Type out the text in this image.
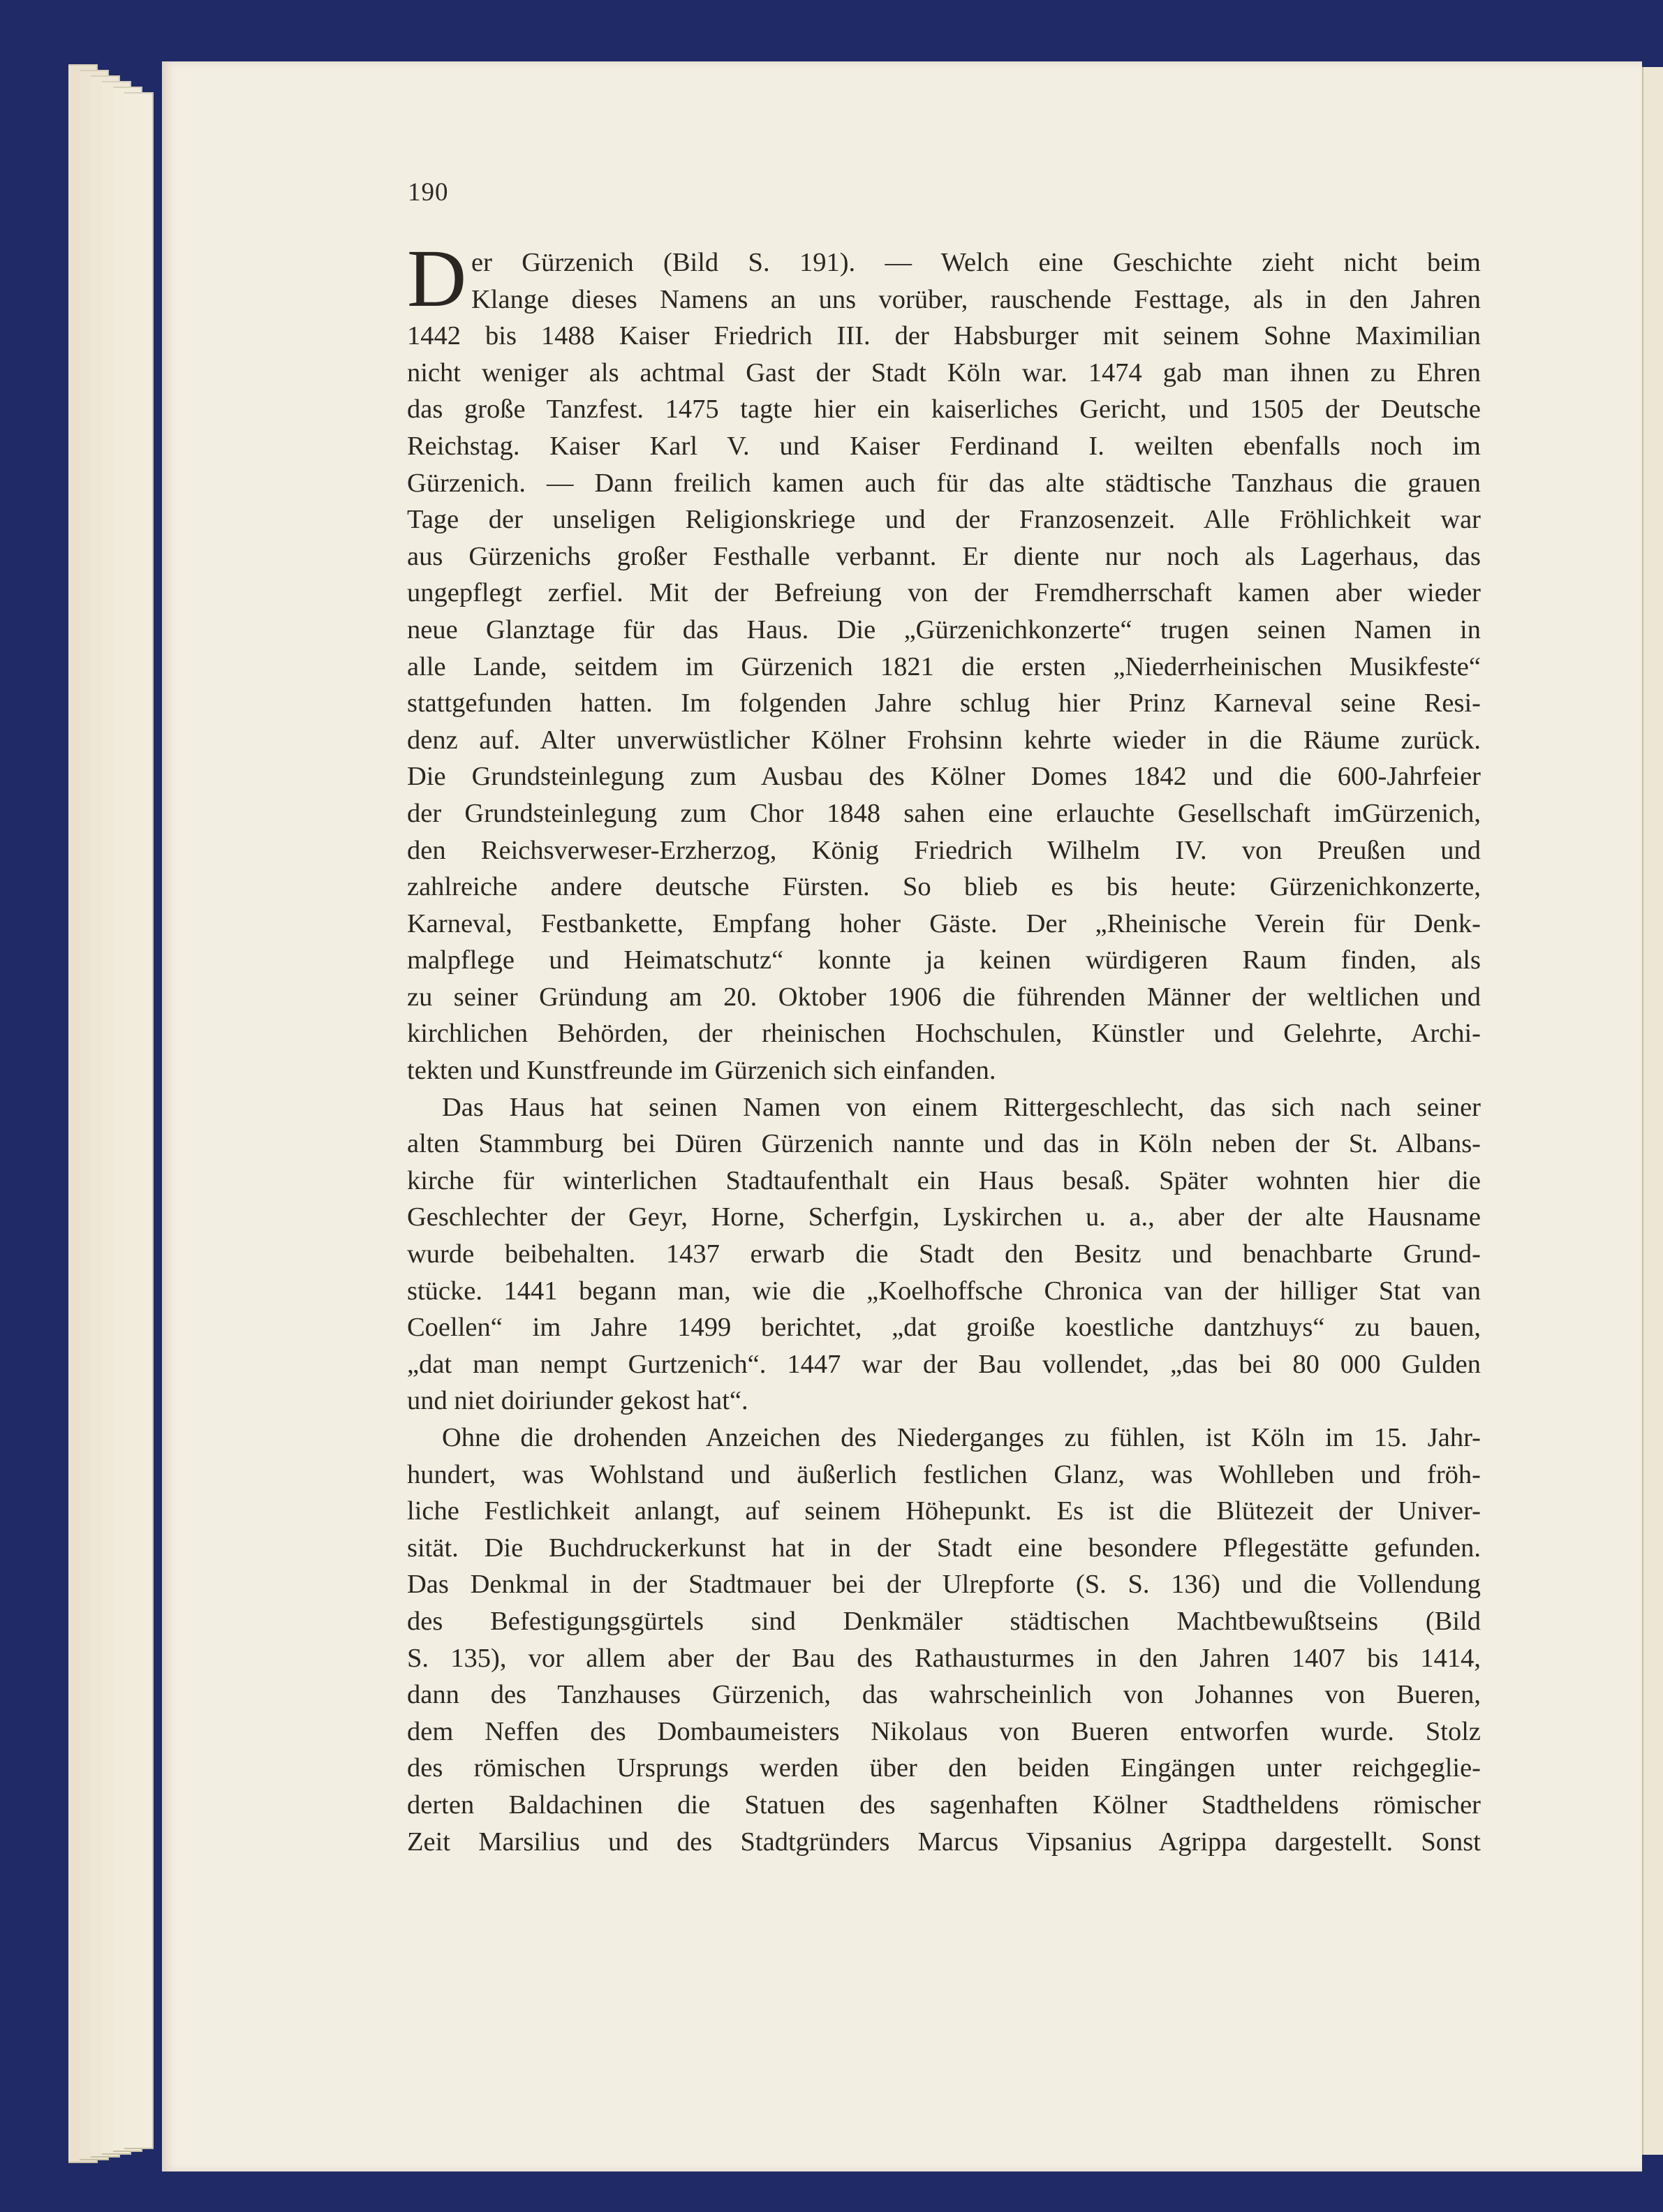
190
D er Gürzenich (Bild S. 191). — Welch eine Geschichte zieht nicht beim
Klange dieses Namens an uns vorüber, rauschende Festtage, als in den Jahren
1442 bis 1488 Kaiser Friedrich III. der Habsburger mit seinem Sohne Maximilian
nicht weniger als achtmal Gast der Stadt Köln war. 1474 gab man ihnen zu Ehren
das große Tanzfest. 1475 tagte hier ein kaiserliches Gericht, und 1505 der Deutsche
Reichstag. Kaiser Karl V. und Kaiser Ferdinand I. weilten ebenfalls noch im
Gürzenich. — Dann freilich kamen auch für das alte städtische Tanzhaus die grauen
Tage der unseligen Religionskriege und der Franzosenzeit. Alle Fröhlichkeit war
aus Gürzenichs großer Festhalle verbannt. Er diente nur noch als Lagerhaus, das
ungepflegt zerfiel. Mit der Befreiung von der Fremdherrschaft kamen aber wieder
neue Glanztage für das Haus. Die „Gürzenichkonzerte“ trugen seinen Namen in
alle Lande, seitdem im Gürzenich 1821 die ersten „Niederrheinischen Musikfeste“
stattgefunden hatten. Im folgenden Jahre schlug hier Prinz Karneval seine Resi-
denz auf. Alter unverwüstlicher Kölner Frohsinn kehrte wieder in die Räume zurück.
Die Grundsteinlegung zum Ausbau des Kölner Domes 1842 und die 600-Jahrfeier
der Grundsteinlegung zum Chor 1848 sahen eine erlauchte Gesellschaft imGürzenich,
den Reichsverweser-Erzherzog, König Friedrich Wilhelm IV. von Preußen und
zahlreiche andere deutsche Fürsten. So blieb es bis heute: Gürzenichkonzerte,
Karneval, Festbankette, Empfang hoher Gäste. Der „Rheinische Verein für Denk-
malpflege und Heimatschutz“ konnte ja keinen würdigeren Raum finden, als
zu seiner Gründung am 20. Oktober 1906 die führenden Männer der weltlichen und
kirchlichen Behörden, der rheinischen Hochschulen, Künstler und Gelehrte, Archi-
tekten und Kunstfreunde im Gürzenich sich einfanden.
Das Haus hat seinen Namen von einem Rittergeschlecht, das sich nach seiner
alten Stammburg bei Düren Gürzenich nannte und das in Köln neben der St. Albans-
kirche für winterlichen Stadtaufenthalt ein Haus besaß. Später wohnten hier die
Geschlechter der Geyr, Horne, Scherfgin, Lyskirchen u. a., aber der alte Hausname
wurde beibehalten. 1437 erwarb die Stadt den Besitz und benachbarte Grund-
stücke. 1441 begann man, wie die „Koelhoffsche Chronica van der hilliger Stat van
Coellen“ im Jahre 1499 berichtet, „dat groiße koestliche dantzhuys“ zu bauen,
„dat man nempt Gurtzenich“. 1447 war der Bau vollendet, „das bei 80 000 Gulden
und niet doiriunder gekost hat“.
Ohne die drohenden Anzeichen des Niederganges zu fühlen, ist Köln im 15. Jahr-
hundert, was Wohlstand und äußerlich festlichen Glanz, was Wohlleben und fröh-
liche Festlichkeit anlangt, auf seinem Höhepunkt. Es ist die Blütezeit der Univer-
sität. Die Buchdruckerkunst hat in der Stadt eine besondere Pflegestätte gefunden.
Das Denkmal in der Stadtmauer bei der Ulrepforte (S. S. 136) und die Vollendung
des Befestigungsgürtels sind Denkmäler städtischen Machtbewußtseins (Bild
S. 135), vor allem aber der Bau des Rathausturmes in den Jahren 1407 bis 1414,
dann des Tanzhauses Gürzenich, das wahrscheinlich von Johannes von Bueren,
dem Neffen des Dombaumeisters Nikolaus von Bueren entworfen wurde. Stolz
des römischen Ursprungs werden über den beiden Eingängen unter reichgeglie-
derten Baldachinen die Statuen des sagenhaften Kölner Stadtheldens römischer
Zeit Marsilius und des Stadtgründers Marcus Vipsanius Agrippa dargestellt. Sonst
